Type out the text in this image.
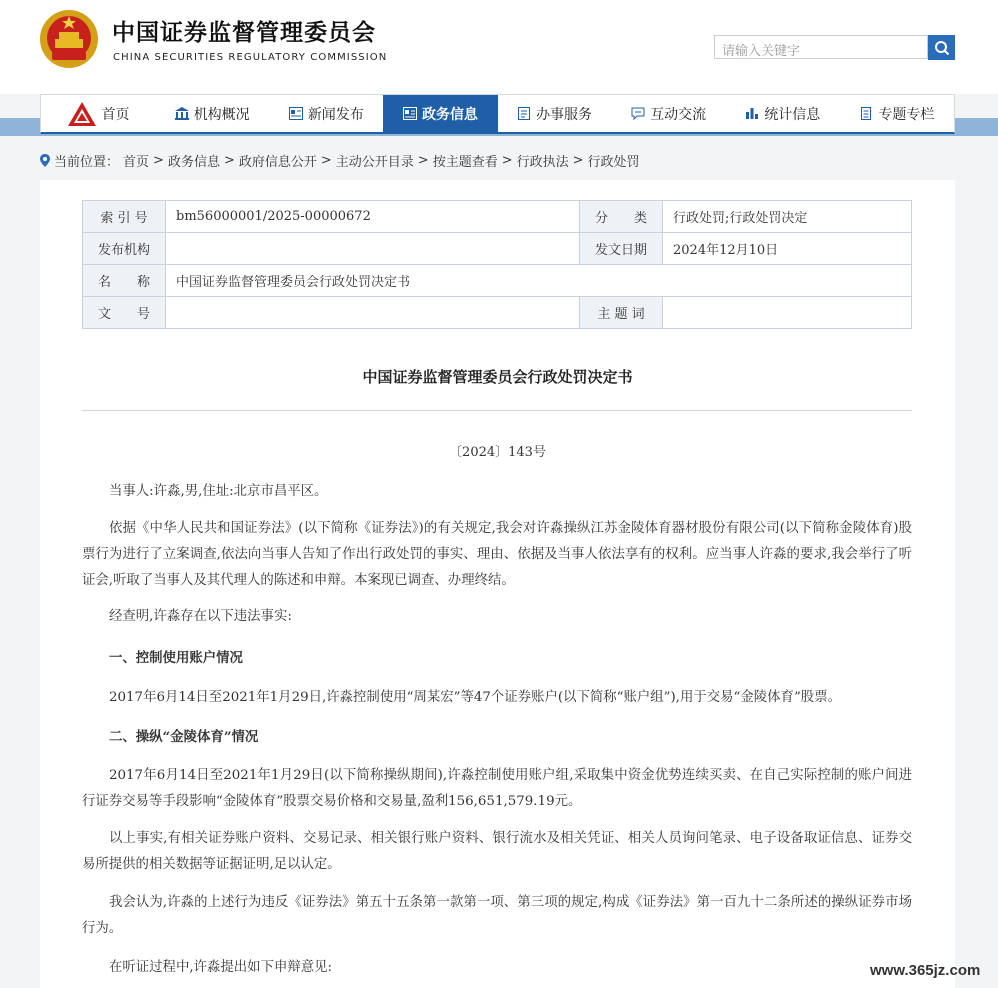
中国证券监督管理委员会
CHINA SECURITIES REGULATORY COMMISSION	请输入关键字
首页	机构概况	新闻发布	政务信息	办事服务	互动交流	统计信息	专题专栏
当前位置： 首页 > 政务信息 > 政府信息公开 > 主动公开目录 > 按主题查看 > 行政执法 > 行政处罚
索 引 号	bm56000001/2025-00000672	分　　类	行政处罚;行政处罚决定
发布机构		发文日期	2024年12月10日
名　　称	中国证券监督管理委员会行政处罚决定书		
文　　号		主 题 词	
中国证券监督管理委员会行政处罚决定书
〔2024〕143号
当事人:许淼,男,住址:北京市昌平区。
依据《中华人民共和国证券法》(以下简称《证券法》)的有关规定,我会对许淼操纵江苏金陵体育器材股份有限公司(以下简称金陵体育)股票行为进行了立案调查,依法向当事人告知了作出行政处罚的事实、理由、依据及当事人依法享有的权利。应当事人许淼的要求,我会举行了听证会,听取了当事人及其代理人的陈述和申辩。本案现已调查、办理终结。
经查明,许淼存在以下违法事实:
一、控制使用账户情况
2017年6月14日至2021年1月29日,许淼控制使用“周某宏”等47个证券账户(以下简称“账户组”),用于交易“金陵体育”股票。
二、操纵“金陵体育”情况
2017年6月14日至2021年1月29日(以下简称操纵期间),许淼控制使用账户组,采取集中资金优势连续买卖、在自己实际控制的账户间进行证券交易等手段影响“金陵体育”股票交易价格和交易量,盈利156,651,579.19元。
以上事实,有相关证券账户资料、交易记录、相关银行账户资料、银行流水及相关凭证、相关人员询问笔录、电子设备取证信息、证券交易所提供的相关数据等证据证明,足以认定。
我会认为,许淼的上述行为违反《证券法》第五十五条第一款第一项、第三项的规定,构成《证券法》第一百九十二条所述的操纵证券市场行为。
在听证过程中,许淼提出如下申辩意见:	www.365jz.com
